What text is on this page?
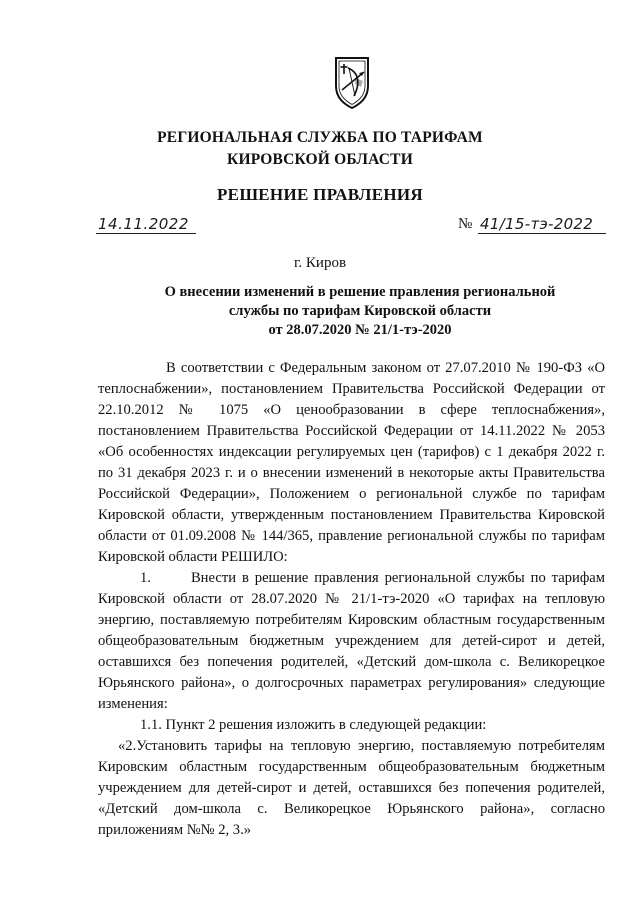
РЕГИОНАЛЬНАЯ СЛУЖБА ПО ТАРИФАМ
КИРОВСКОЙ ОБЛАСТИ
РЕШЕНИЕ ПРАВЛЕНИЯ
14.11.2022	№ 41/15-тэ-2022
г. Киров
О внесении изменений в решение правления региональной
службы по тарифам Кировской области
от 28.07.2020 № 21/1-тэ-2020

В соответствии с Федеральным законом от 27.07.2010 № 190-ФЗ «О теплоснабжении», постановлением Правительства Российской Федерации от 22.10.2012 № 1075 «О ценообразовании в сфере теплоснабжения», постановлением Правительства Российской Федерации от 14.11.2022 № 2053 «Об особенностях индексации регулируемых цен (тарифов) с 1 декабря 2022 г. по 31 декабря 2023 г. и о внесении изменений в некоторые акты Правительства Российской Федерации», Положением о региональной службе по тарифам Кировской области, утвержденным постановлением Правительства Кировской области от 01.09.2008 № 144/365, правление региональной службы по тарифам Кировской области РЕШИЛО:

1.	Внести в решение правления региональной службы по тарифам Кировской области от 28.07.2020 № 21/1-тэ-2020 «О тарифах на тепловую энергию, поставляемую потребителям Кировским областным государственным общеобразовательным бюджетным учреждением для детей-сирот и детей, оставшихся без попечения родителей, «Детский дом-школа с. Великорецкое Юрьянского района», о долгосрочных параметрах регулирования» следующие изменения:

1.1. Пункт 2 решения изложить в следующей редакции:

«2.Установить тарифы на тепловую энергию, поставляемую потребителям Кировским областным государственным общеобразовательным бюджетным учреждением для детей-сирот и детей, оставшихся без попечения родителей, «Детский дом-школа с. Великорецкое Юрьянского района», согласно приложениям №№ 2, 3.»
